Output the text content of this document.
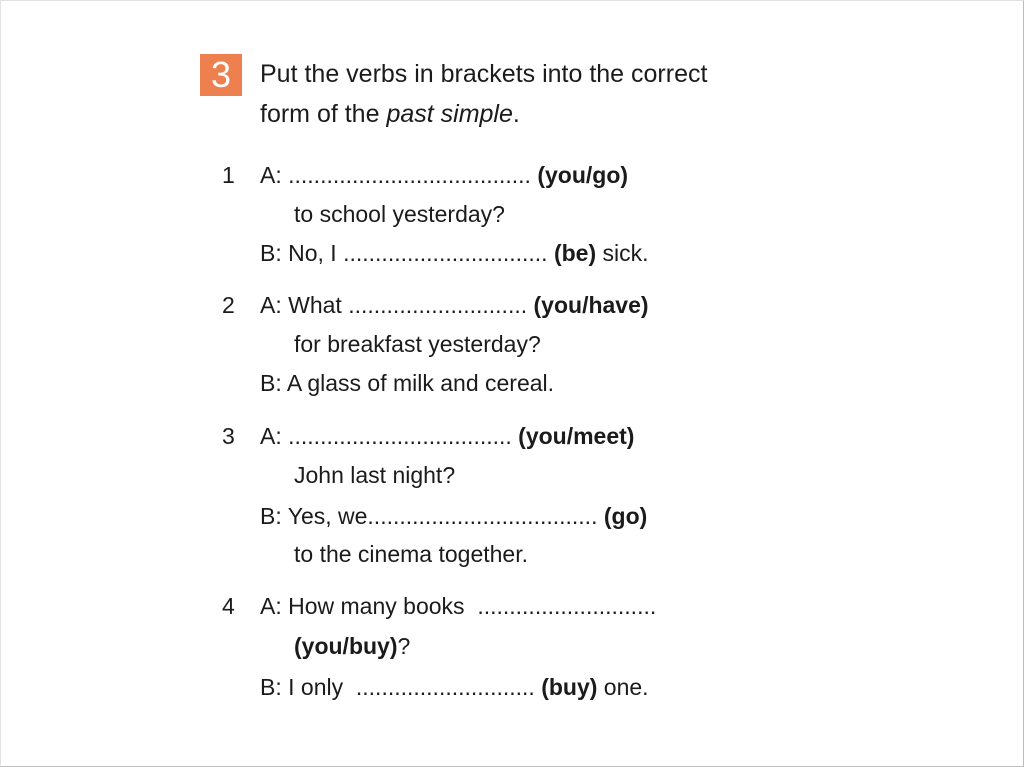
3	Put the verbs in brackets into the correct
form of the past simple.
1 A: ...................................... (you/go)
to school yesterday?
B: No, I ................................ (be) sick.
2 A: What ............................ (you/have)
for breakfast yesterday?
B: A glass of milk and cereal.
3 A: ................................... (you/meet)
John last night?
B: Yes, we.................................... (go)
to the cinema together.
4 A: How many books  ............................
(you/buy)?
B: I only  ............................ (buy) one.
